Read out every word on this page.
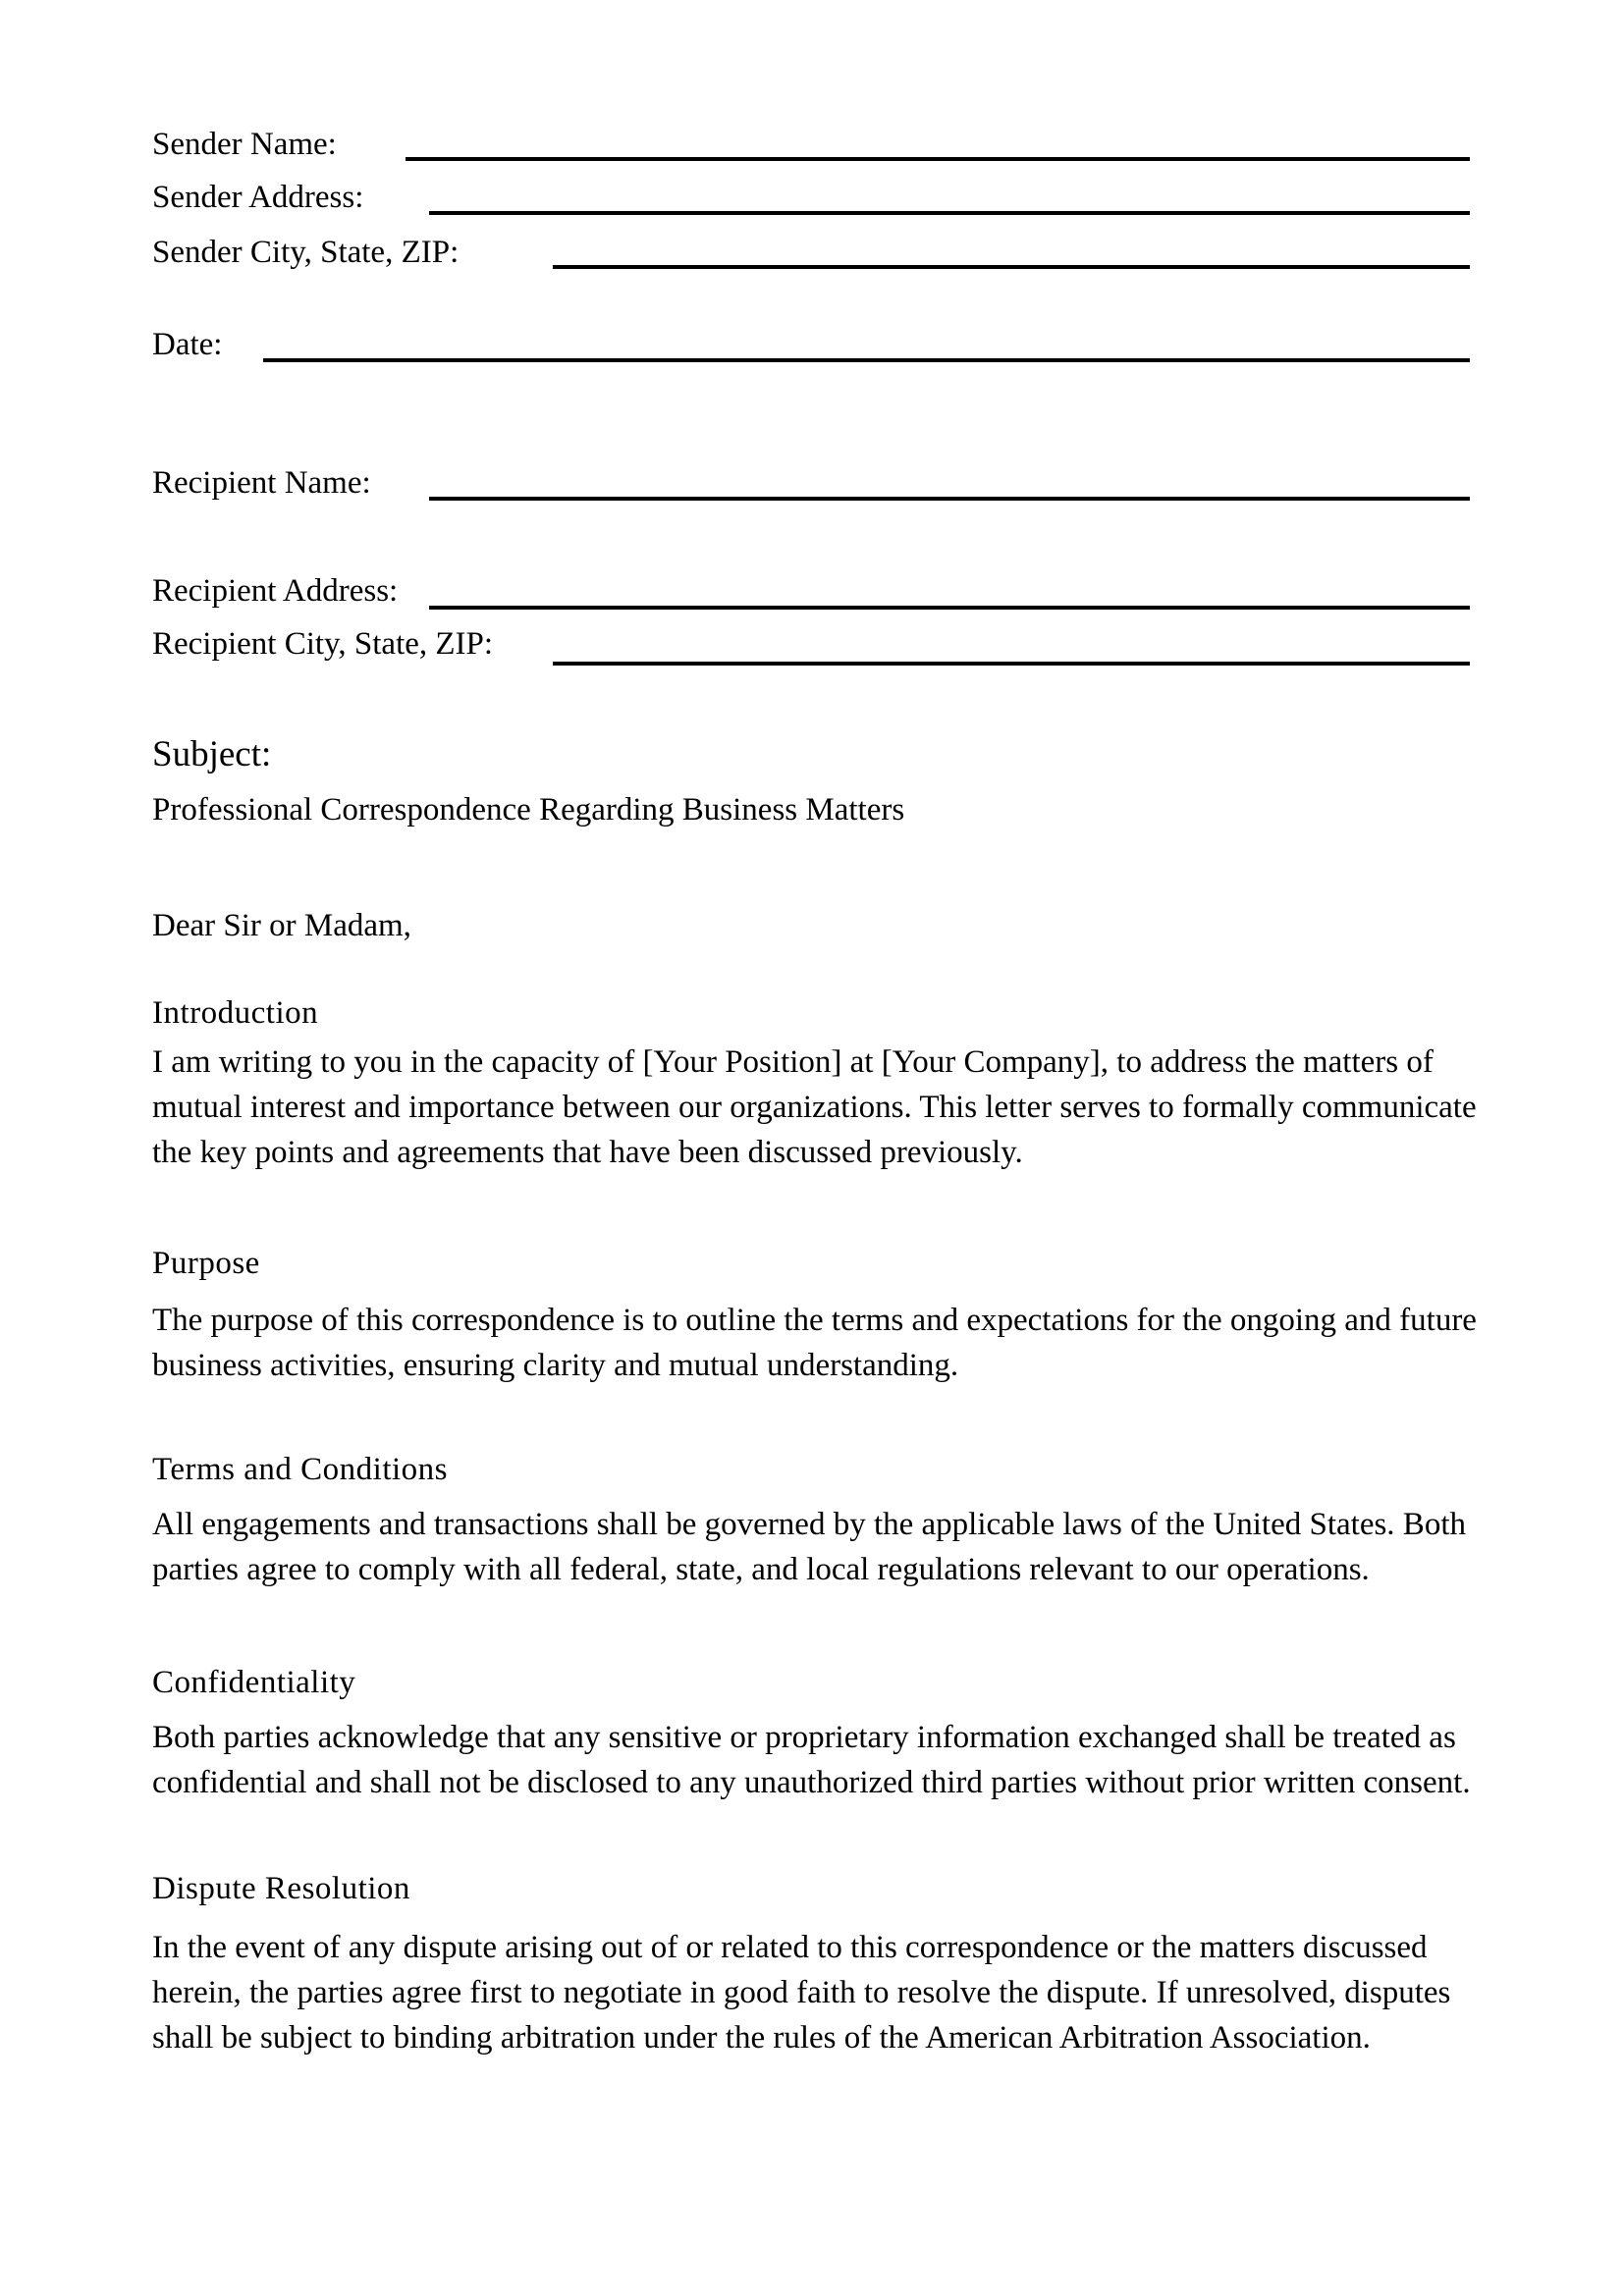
Sender Name:
Sender Address:
Sender City, State, ZIP:
Date:
Recipient Name:
Recipient Address:
Recipient City, State, ZIP:
Subject:
Professional Correspondence Regarding Business Matters
Dear Sir or Madam,
Introduction
I am writing to you in the capacity of [Your Position] at [Your Company], to address the matters of mutual interest and importance between our organizations. This letter serves to formally communicate the key points and agreements that have been discussed previously.
Purpose
The purpose of this correspondence is to outline the terms and expectations for the ongoing and future business activities, ensuring clarity and mutual understanding.
Terms and Conditions
All engagements and transactions shall be governed by the applicable laws of the United States. Both parties agree to comply with all federal, state, and local regulations relevant to our operations.
Confidentiality
Both parties acknowledge that any sensitive or proprietary information exchanged shall be treated as confidential and shall not be disclosed to any unauthorized third parties without prior written consent.
Dispute Resolution
In the event of any dispute arising out of or related to this correspondence or the matters discussed herein, the parties agree first to negotiate in good faith to resolve the dispute. If unresolved, disputes shall be subject to binding arbitration under the rules of the American Arbitration Association.
